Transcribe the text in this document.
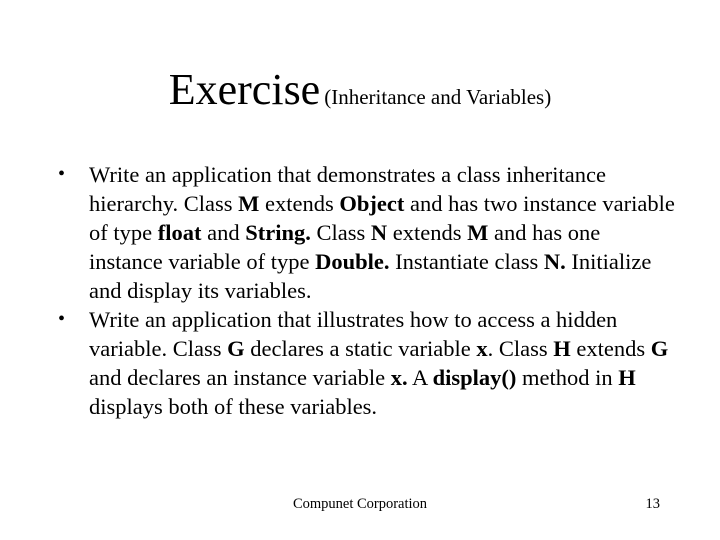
Exercise (Inheritance and Variables)
• Write an application that demonstrates a class inheritance hierarchy. Class M extends Object and has two instance variable of type float and String. Class N extends M and has one instance variable of type Double. Instantiate class N. Initialize and display its variables.
• Write an application that illustrates how to access a hidden variable. Class G declares a static variable x. Class H extends G and declares an instance variable x. A display() method in H displays both of these variables.
Compunet Corporation	13
